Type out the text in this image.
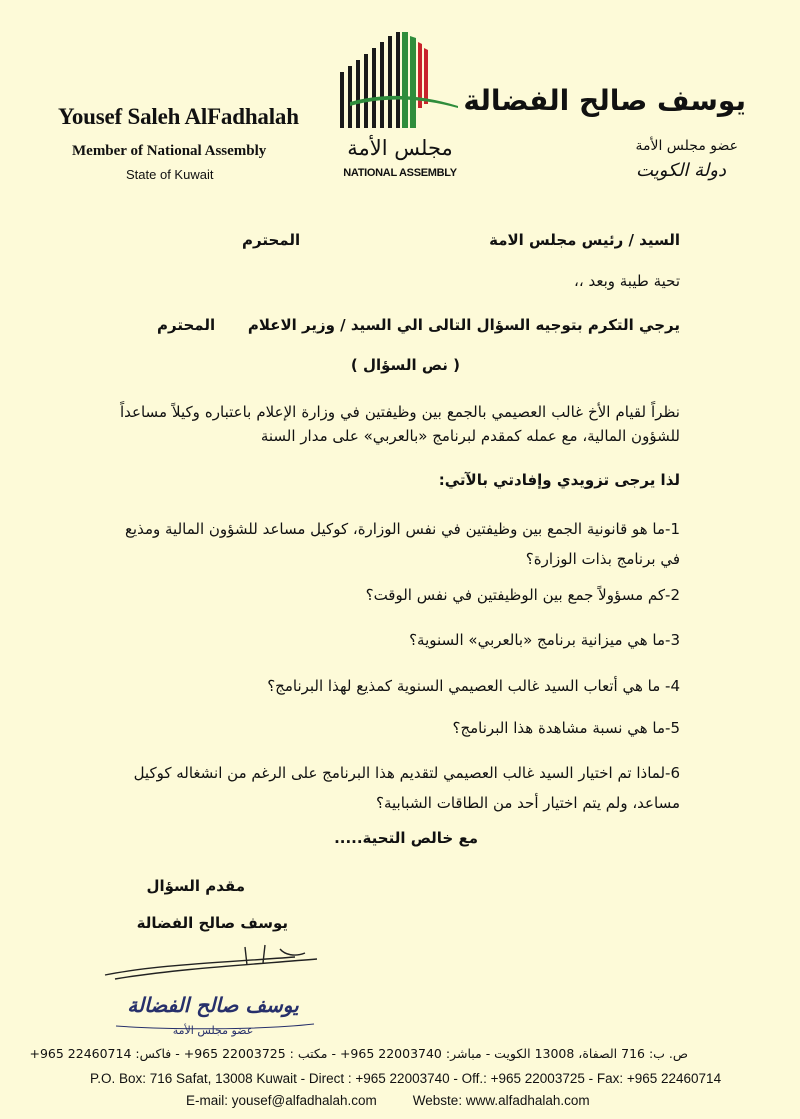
Yousef Saleh AlFadhalah
Member of National Assembly
State of Kuwait
مجلس الأمة
NATIONAL ASSEMBLY
يوسف صالح الفضالة
عضو مجلس الأمة
دولة الكويت
السيد / رئيس مجلس الامة
المحترم
تحية طيبة وبعد ،،
يرجي التكرم بتوجيه السؤال التالى الي السيد / وزير الاعلام
المحترم
( نص السؤال )
نظراً لقيام الأخ غالب العصيمي بالجمع بين وظيفتين في وزارة الإعلام باعتباره وكيلاً مساعداً للشؤون المالية، مع عمله كمقدم لبرنامج «بالعربي» على مدار السنة
لذا يرجى تزويدي وإفادتي بالآتي:
1-ما هو قانونية الجمع بين وظيفتين في نفس الوزارة، كوكيل مساعد للشؤون المالية ومذيع في برنامج بذات الوزارة؟
2-كم مسؤولاً جمع بين الوظيفتين في نفس الوقت؟
3-ما هي ميزانية برنامج «بالعربي» السنوية؟
4- ما هي أتعاب السيد غالب العصيمي السنوية كمذيع لهذا البرنامج؟
5-ما هي نسبة مشاهدة هذا البرنامج؟
6-لماذا تم اختيار السيد غالب العصيمي لتقديم هذا البرنامج على الرغم من انشغاله كوكيل مساعد، ولم يتم اختيار أحد من الطاقات الشبابية؟
مع خالص التحية.....
مقدم السؤال
يوسف صالح الفضالة
يوسف صالح الفضالة
عضو مجلس الأمة
ص. ب: 716 الصفاة، 13008 الكويت - مباشر: 22003740 965+ - مكتب : 22003725 965+ - فاكس: 22460714 965+
P.O. Box: 716 Safat, 13008 Kuwait - Direct : +965 22003740 - Off.: +965 22003725 - Fax: +965 22460714
E-mail: yousef@alfadhalah.com	Webste: www.alfadhalah.com
